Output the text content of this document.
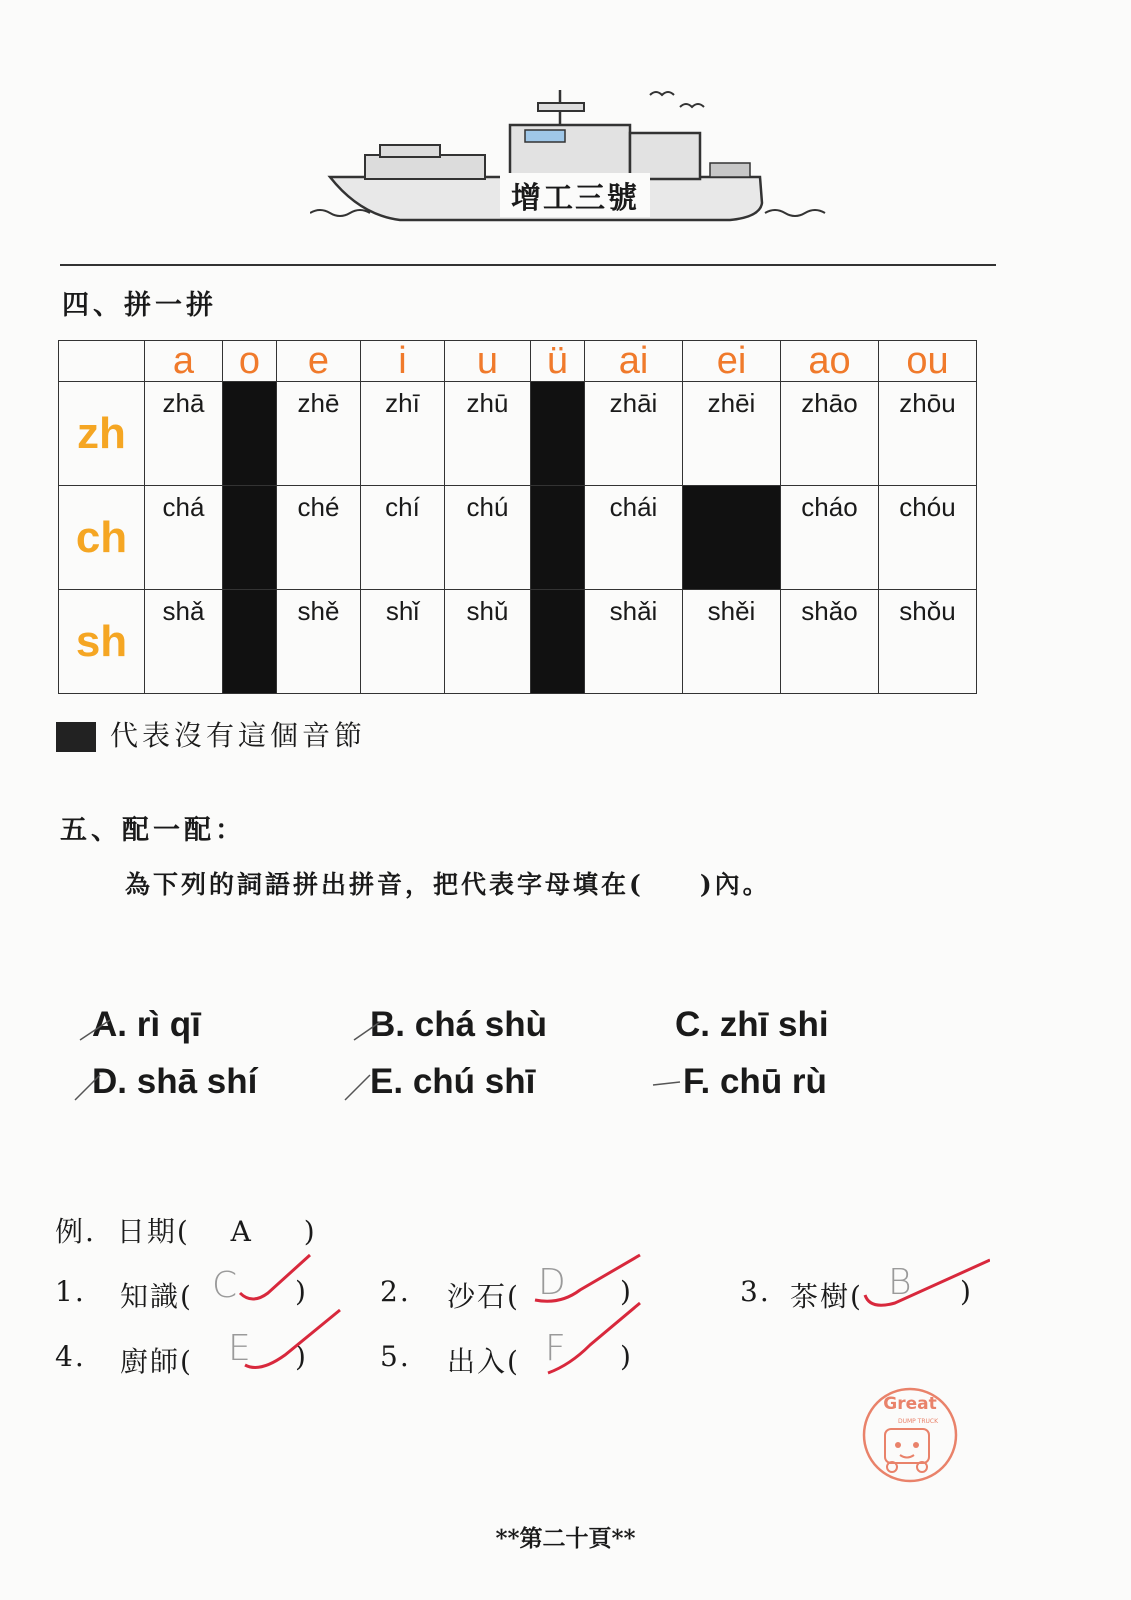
增工三號
四、拼一拼
	a	o	e	i	u	ü	ai	ei	ao	ou
zh	zhā		zhē	zhī	zhū		zhāi	zhēi	zhāo	zhōu
ch	chá		ché	chí	chú		chái		cháo	chóu
sh	shǎ		shě	shǐ	shǔ		shǎi	shěi	shǎo	shǒu
代表沒有這個音節
五、配一配：
為下列的詞語拼出拼音，把代表字母填在(　　)內。
A. rì qī	B. chá shù	C. zhī shi
D. shā shí	E. chú shī	F. chū rù
例. 日期( A )
1. 知識( C )	2. 沙石( D )	3. 茶樹( B )
4. 廚師( E )	5. 出入( F )
Great
DUMP TRUCK
**第二十頁**
